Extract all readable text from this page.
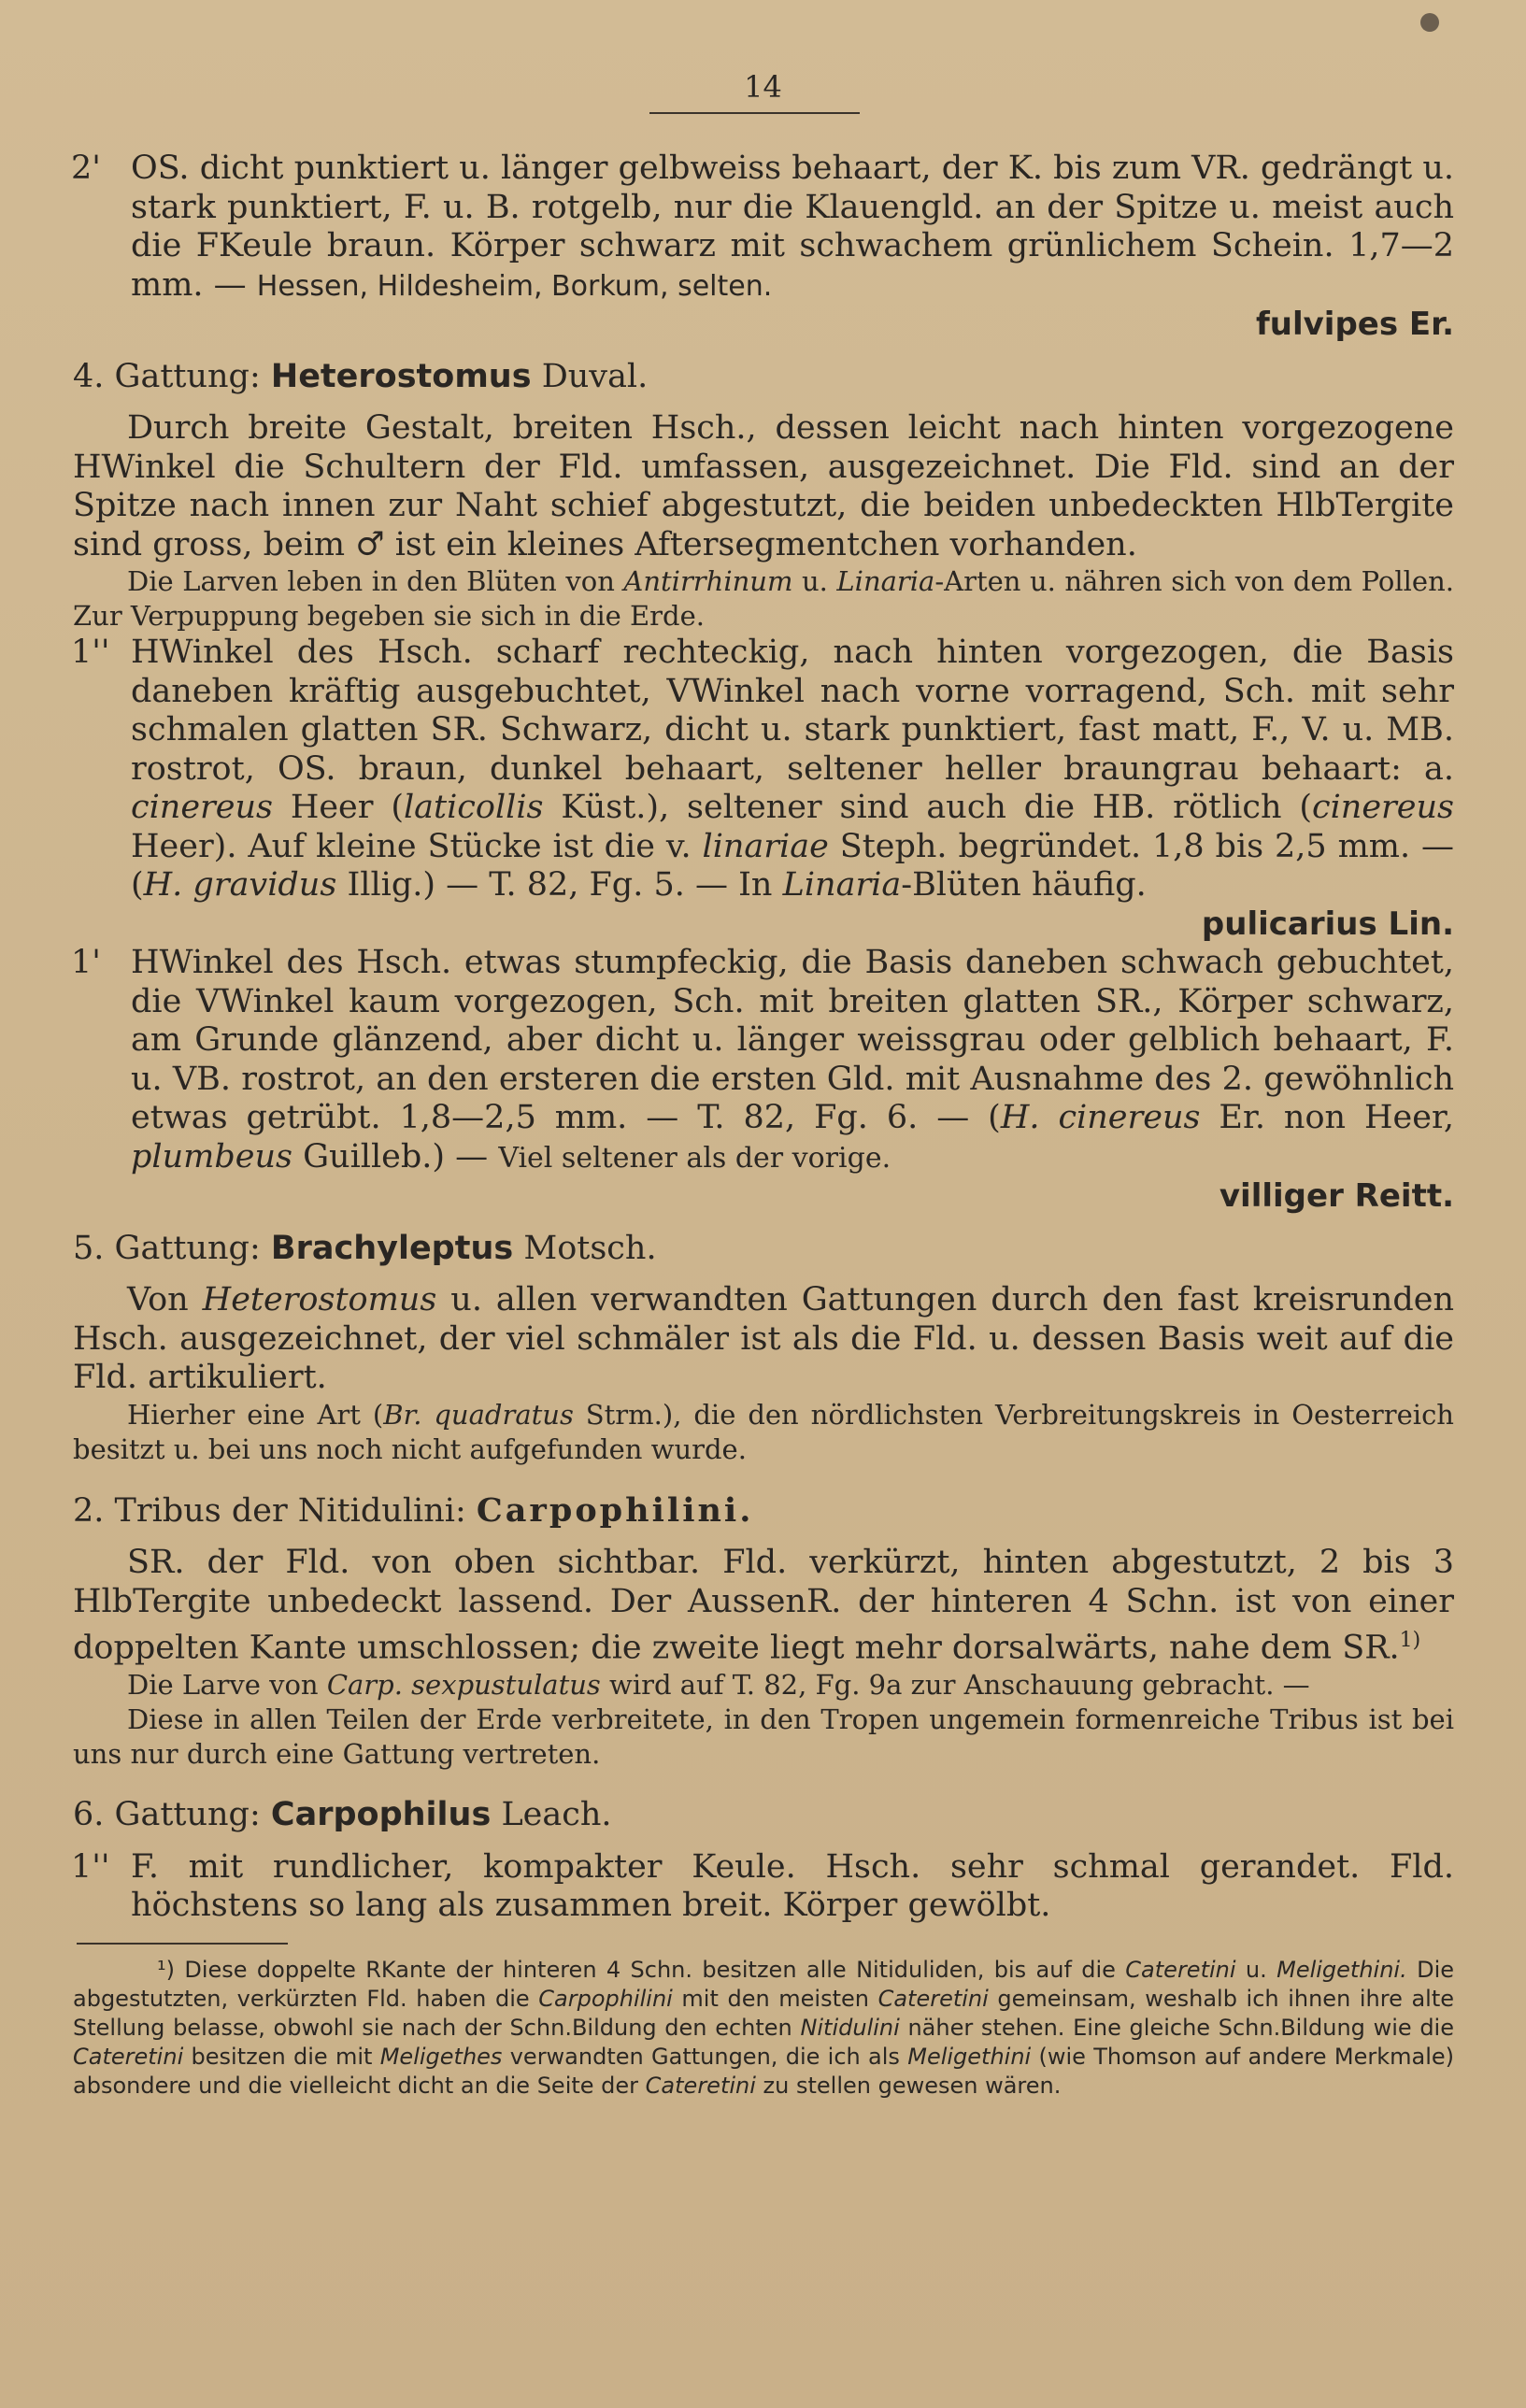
14
2' OS. dicht punktiert u. länger gelbweiss behaart, der K. bis zum VR. gedrängt u. stark punktiert, F. u. B. rotgelb, nur die Klauengld. an der Spitze u. meist auch die FKeule braun. Körper schwarz mit schwachem grünlichem Schein. 1,7—2 mm. — Hessen, Hildesheim, Borkum, selten.

fulvipes Er.

4. Gattung: Heterostomus Duval.

Durch breite Gestalt, breiten Hsch., dessen leicht nach hinten vorgezogene HWinkel die Schultern der Fld. umfassen, ausgezeichnet. Die Fld. sind an der Spitze nach innen zur Naht schief abgestutzt, die beiden unbedeckten HlbTergite sind gross, beim ♂ ist ein kleines Aftersegmentchen vorhanden.

Die Larven leben in den Blüten von Antirrhinum u. Linaria-Arten u. nähren sich von dem Pollen. Zur Verpuppung begeben sie sich in die Erde.

1'' HWinkel des Hsch. scharf rechteckig, nach hinten vorgezogen, die Basis daneben kräftig ausgebuchtet, VWinkel nach vorne vorragend, Sch. mit sehr schmalen glatten SR. Schwarz, dicht u. stark punktiert, fast matt, F., V. u. MB. rostrot, OS. braun, dunkel behaart, seltener heller braungrau behaart: a. cinereus Heer (laticollis Küst.), seltener sind auch die HB. rötlich (cinereus Heer). Auf kleine Stücke ist die v. linariae Steph. begründet. 1,8 bis 2,5 mm. — (H. gravidus Illig.) — T. 82, Fg. 5. — In Linaria-Blüten häufig.

pulicarius Lin.
1' HWinkel des Hsch. etwas stumpfeckig, die Basis daneben schwach gebuchtet, die VWinkel kaum vorgezogen, Sch. mit breiten glatten SR., Körper schwarz, am Grunde glänzend, aber dicht u. länger weissgrau oder gelblich behaart, F. u. VB. rostrot, an den ersteren die ersten Gld. mit Ausnahme des 2. gewöhnlich etwas getrübt. 1,8—2,5 mm. — T. 82, Fg. 6. — (H. cinereus Er. non Heer, plumbeus Guilleb.) — Viel seltener als der vorige.

villiger Reitt.

5. Gattung: Brachyleptus Motsch.

Von Heterostomus u. allen verwandten Gattungen durch den fast kreisrunden Hsch. ausgezeichnet, der viel schmäler ist als die Fld. u. dessen Basis weit auf die Fld. artikuliert.

Hierher eine Art (Br. quadratus Strm.), die den nördlichsten Verbreitungskreis in Oesterreich besitzt u. bei uns noch nicht aufgefunden wurde.

2. Tribus der Nitidulini: Carpophilini.

SR. der Fld. von oben sichtbar. Fld. verkürzt, hinten abgestutzt, 2 bis 3 HlbTergite unbedeckt lassend. Der AussenR. der hinteren 4 Schn. ist von einer doppelten Kante umschlossen; die zweite liegt mehr dorsalwärts, nahe dem SR.$^{1)}$

Die Larve von Carp. sexpustulatus wird auf T. 82, Fg. 9a zur Anschauung gebracht. —

Diese in allen Teilen der Erde verbreitete, in den Tropen ungemein formenreiche Tribus ist bei uns nur durch eine Gattung vertreten.

6. Gattung: Carpophilus Leach.

1'' F. mit rundlicher, kompakter Keule. Hsch. sehr schmal gerandet. Fld. höchstens so lang als zusammen breit. Körper gewölbt.

¹) Diese doppelte RKante der hinteren 4 Schn. besitzen alle Nitiduliden, bis auf die Cateretini u. Meligethini. Die abgestutzten, verkürzten Fld. haben die Carpophilini mit den meisten Cateretini gemeinsam, weshalb ich ihnen ihre alte Stellung belasse, obwohl sie nach der Schn.Bildung den echten Nitidulini näher stehen. Eine gleiche Schn.Bildung wie die Cateretini besitzen die mit Meligethes verwandten Gattungen, die ich als Meligethini (wie Thomson auf andere Merkmale) absondere und die vielleicht dicht an die Seite der Cateretini zu stellen gewesen wären.
